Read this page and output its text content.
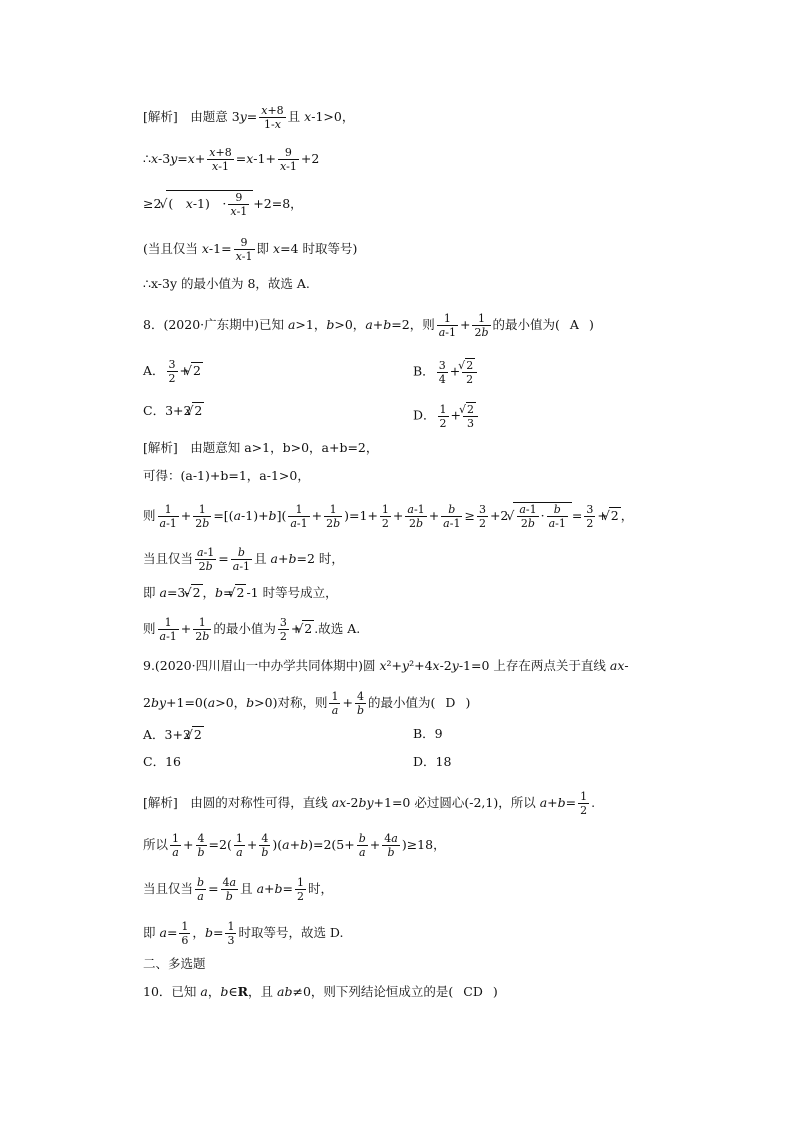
[解析]　由题意 $3y= \frac{x+8}{1-x}$ 且 x-1>0，
∴x-3y=x+ $\frac{x+8}{x-1} =x-1+ \frac{9}{x-1} +2$
≥2 √ (　x-1)　· $\frac{9}{x-1} +2=8$，
(当且仅当 $x-1= \frac{9}{x-1}$ 即 x=4 时取等号)
∴x-3y 的最小值为 8，故选 A.
8．(2020·广东期中)已知 a>1，b>0，a+b=2，则 $\frac{1}{a-1} + \frac{1}{2b}$ 的最小值为( A )
A． $\frac{3}{2}$ + √ 2	B． $\frac{3}{4}$ + √ $\frac{2}{2}$
C．3+2 √ 2	D． $\frac{1}{2}$ + √ $\frac{2}{3}$
[解析]　由题意知 a>1，b>0，a+b=2，
可得：(a-1)+b=1，a-1>0，
则 $\frac{1}{a-1} + \frac{1}{2b} =[(a-1)+b]( \frac{1}{a-1} + \frac{1}{2b} )=1+ \frac{1}{2} + \frac{a-1}{2b} + \frac{b}{a-1} \ge \frac{3}{2} +2$ √ $\frac{a-1}{2b} \cdot \frac{b}{a-1} = \frac{3}{2}$ + √ 2 ，
当且仅当 $\frac{a-1}{2b} = \frac{b}{a-1}$ 且 a+b=2 时，
即 a=3- √ 2 ，b= √ 2 -1 时等号成立，
则 $\frac{1}{a-1} + \frac{1}{2b}$ 的最小值为 $\frac{3}{2}$ + √ 2 .故选 A.
9.(2020·四川眉山一中办学共同体期中)圆 x²+y²+4x-2y-1=0 上存在两点关于直线 ax-
2by+1=0(a>0，b>0)对称，则 $\frac{1}{a} + \frac{4}{b}$ 的最小值为( D )
A．3+2 √ 2	B．9
C．16	D．18
[解析]　由圆的对称性可得，直线 ax-2by+1=0 必过圆心(-2,1)，所以 $a+b= \frac{1}{2}$ .
所以 $\frac{1}{a} + \frac{4}{b} =2( \frac{1}{a} + \frac{4}{b} )(a+b)=2(5+ \frac{b}{a} + \frac{4a}{b} )\ge 18$，
当且仅当 $\frac{b}{a} = \frac{4a}{b}$ 且 $a+b= \frac{1}{2}$ 时，
即 $a= \frac{1}{6}$ ，$b= \frac{1}{3}$ 时取等号，故选 D.
二、多选题
10．已知 a，b∈R，且 ab≠0，则下列结论恒成立的是( CD )
